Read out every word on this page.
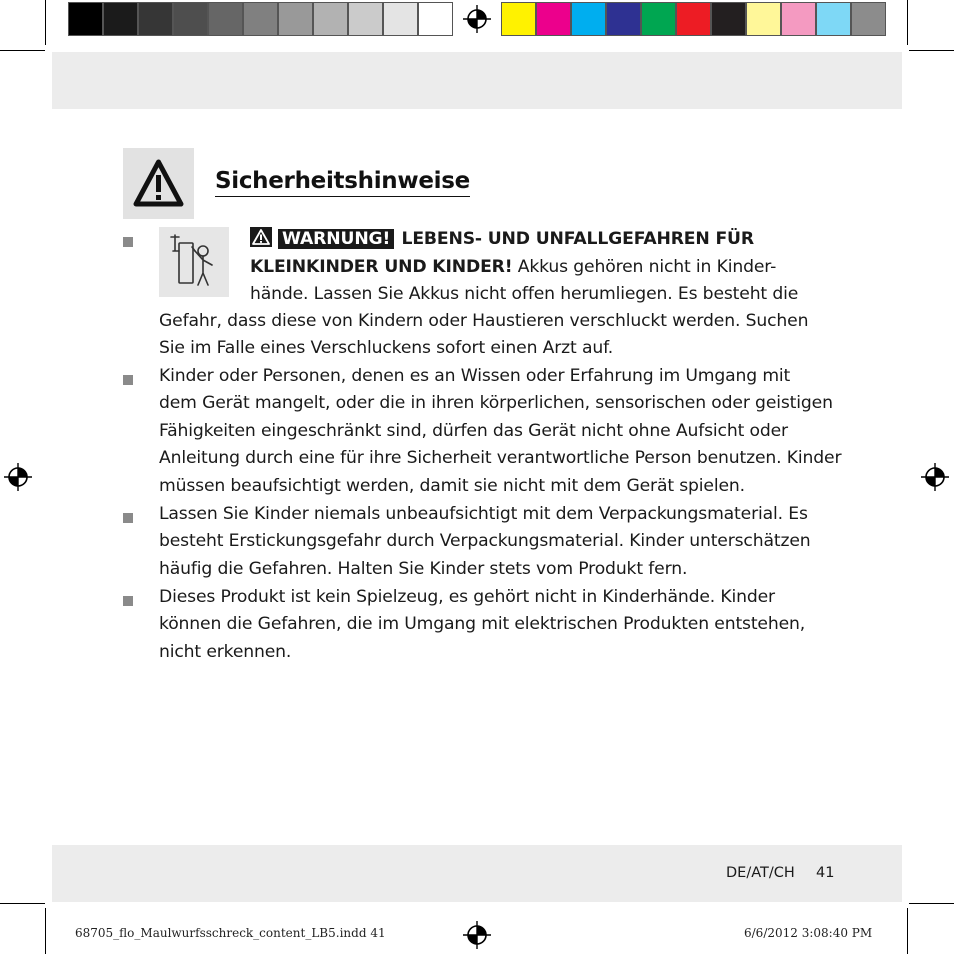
Sicherheitshinweise
WARNUNG! LEBENS- UND UNFALLGEFAHREN FÜR
KLEINKINDER UND KINDER! Akkus gehören nicht in Kinder-
hände. Lassen Sie Akkus nicht offen herumliegen. Es besteht die
Gefahr, dass diese von Kindern oder Haustieren verschluckt werden. Suchen
Sie im Falle eines Verschluckens sofort einen Arzt auf.
Kinder oder Personen, denen es an Wissen oder Erfahrung im Umgang mit
dem Gerät mangelt, oder die in ihren körperlichen, sensorischen oder geistigen
Fähigkeiten eingeschränkt sind, dürfen das Gerät nicht ohne Aufsicht oder
Anleitung durch eine für ihre Sicherheit verantwortliche Person benutzen. Kinder
müssen beaufsichtigt werden, damit sie nicht mit dem Gerät spielen.
Lassen Sie Kinder niemals unbeaufsichtigt mit dem Verpackungsmaterial. Es
besteht Erstickungsgefahr durch Verpackungsmaterial. Kinder unterschätzen
häufig die Gefahren. Halten Sie Kinder stets vom Produkt fern.
Dieses Produkt ist kein Spielzeug, es gehört nicht in Kinderhände. Kinder
können die Gefahren, die im Umgang mit elektrischen Produkten entstehen,
nicht erkennen.
DE/AT/CH 41
68705_flo_Maulwurfsschreck_content_LB5.indd 41	6/6/2012 3:08:40 PM
